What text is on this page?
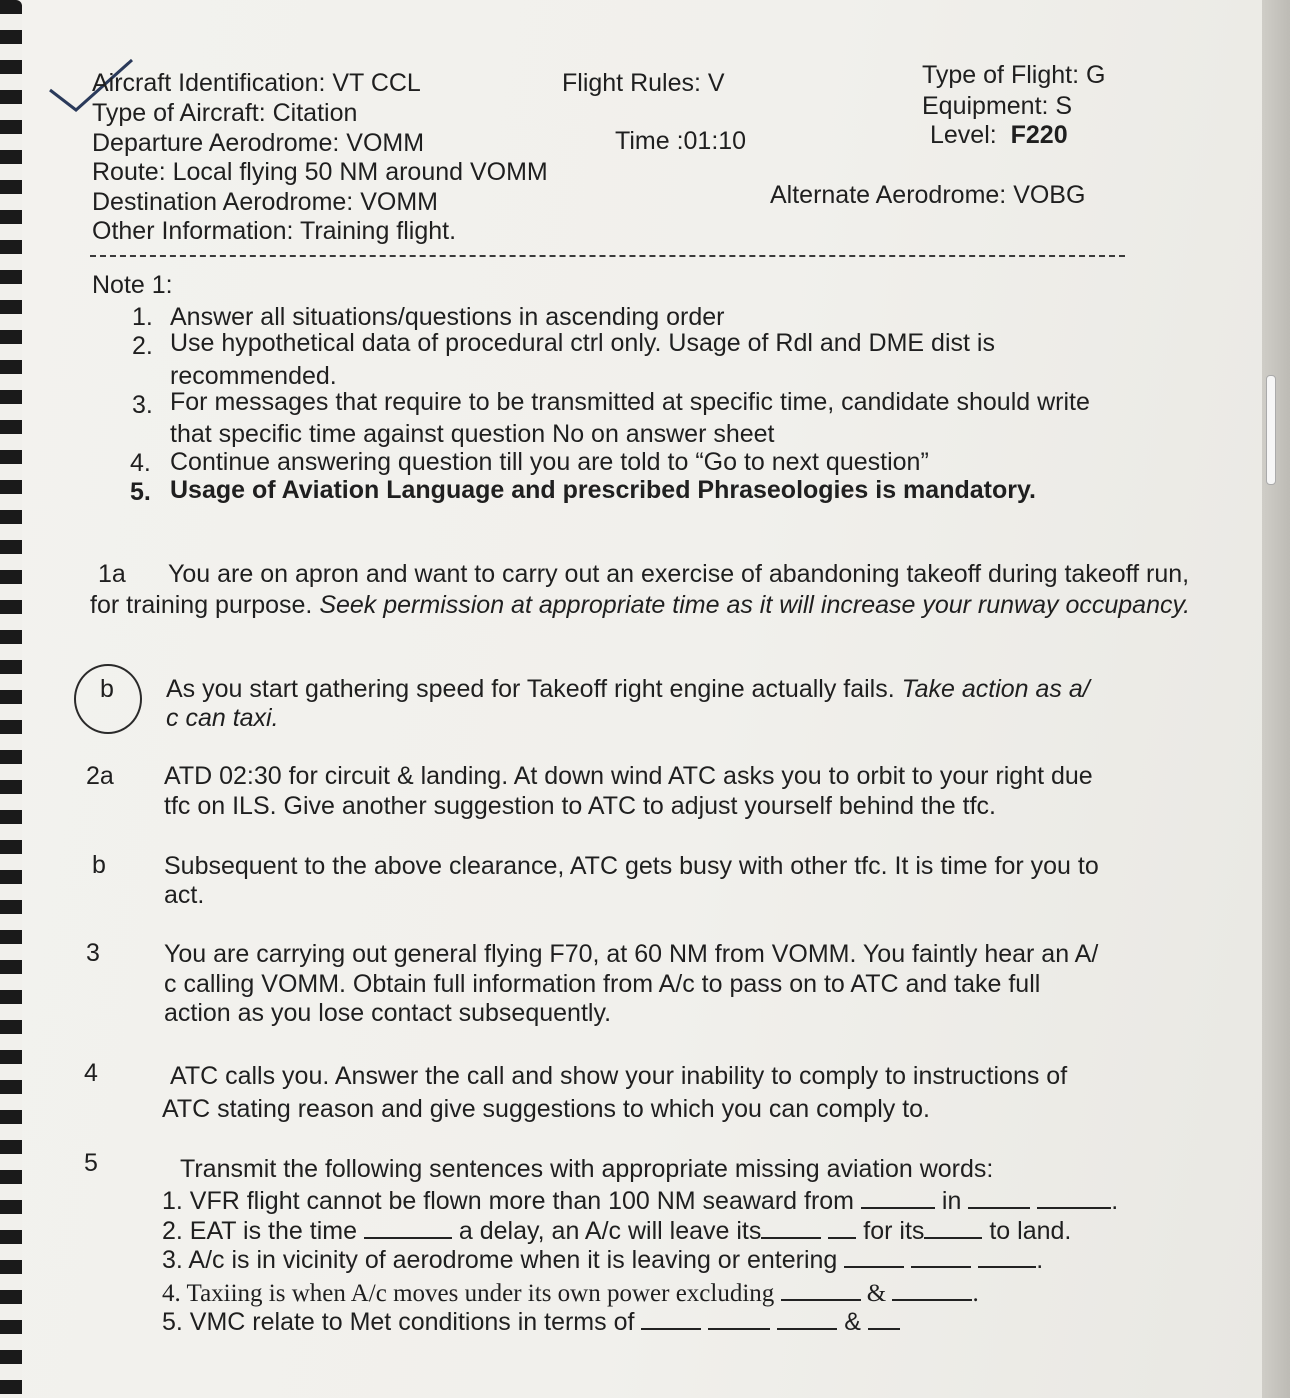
Aircraft Identification: VT CCL	Flight Rules: V	Type of Flight: G
Type of Aircraft: Citation	Equipment: S
Departure Aerodrome: VOMM	Time :01:10	Level: F220
Route: Local flying 50 NM around VOMM
Destination Aerodrome: VOMM	Alternate Aerodrome: VOBG
Other Information: Training flight.
Note 1:
1. Answer all situations/questions in ascending order
2. Use hypothetical data of procedural ctrl only. Usage of Rdl and DME dist is
recommended.
3. For messages that require to be transmitted at specific time, candidate should write
that specific time against question No on answer sheet
4. Continue answering question till you are told to “Go to next question”
5. Usage of Aviation Language and prescribed Phraseologies is mandatory.
1a You are on apron and want to carry out an exercise of abandoning takeoff during takeoff run,
for training purpose. Seek permission at appropriate time as it will increase your runway occupancy.
b As you start gathering speed for Takeoff right engine actually fails. Take action as a/
c can taxi.
2a ATD 02:30 for circuit & landing. At down wind ATC asks you to orbit to your right due
tfc on ILS. Give another suggestion to ATC to adjust yourself behind the tfc.
b Subsequent to the above clearance, ATC gets busy with other tfc. It is time for you to
act.
3	You are carrying out general flying F70, at 60 NM from VOMM. You faintly hear an A/
c calling VOMM. Obtain full information from A/c to pass on to ATC and take full
action as you lose contact subsequently.
4	ATC calls you. Answer the call and show your inability to comply to instructions of
ATC stating reason and give suggestions to which you can comply to.
5	Transmit the following sentences with appropriate missing aviation words:
1. VFR flight cannot be flown more than 100 NM seaward from	in	.
2. EAT is the time	a delay, an A/c will leave its	for its	to land.
3. A/c is in vicinity of aerodrome when it is leaving or entering	.
4. Taxiing is when A/c moves under its own power excluding	&	.
5. VMC relate to Met conditions in terms of	&
